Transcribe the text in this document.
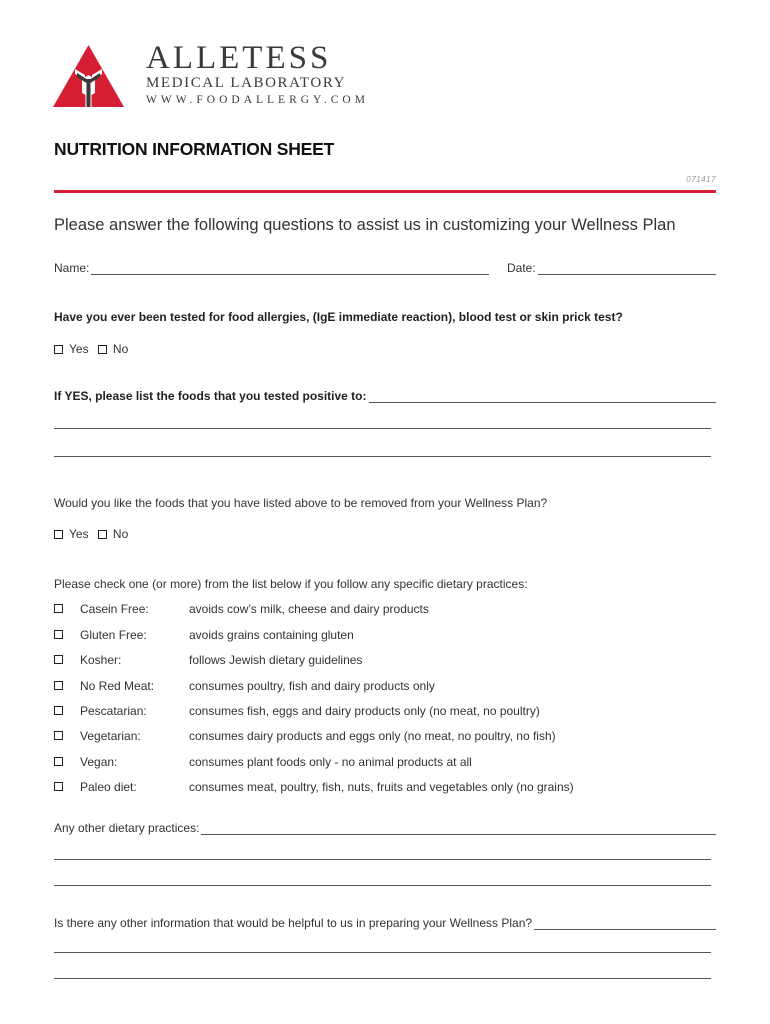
ALLETESS
MEDICAL LABORATORY
WWW.FOODALLERGY.COM
NUTRITION INFORMATION SHEET
071417
Please answer the following questions to assist us in customizing your Wellness Plan
Name:	Date:
Have you ever been tested for food allergies, (IgE immediate reaction), blood test or skin prick test?
Yes No
If YES, please list the foods that you tested positive to:
Would you like the foods that you have listed above to be removed from your Wellness Plan?
Yes No
Please check one (or more) from the list below if you follow any specific dietary practices:
Casein Free:	avoids cow’s milk, cheese and dairy products
Gluten Free:	avoids grains containing gluten
Kosher:	follows Jewish dietary guidelines
No Red Meat:	consumes poultry, fish and dairy products only
Pescatarian:	consumes fish, eggs and dairy products only (no meat, no poultry)
Vegetarian:	consumes dairy products and eggs only (no meat, no poultry, no fish)
Vegan:	consumes plant foods only - no animal products at all
Paleo diet:	consumes meat, poultry, fish, nuts, fruits and vegetables only (no grains)
Any other dietary practices:
Is there any other information that would be helpful to us in preparing your Wellness Plan?
